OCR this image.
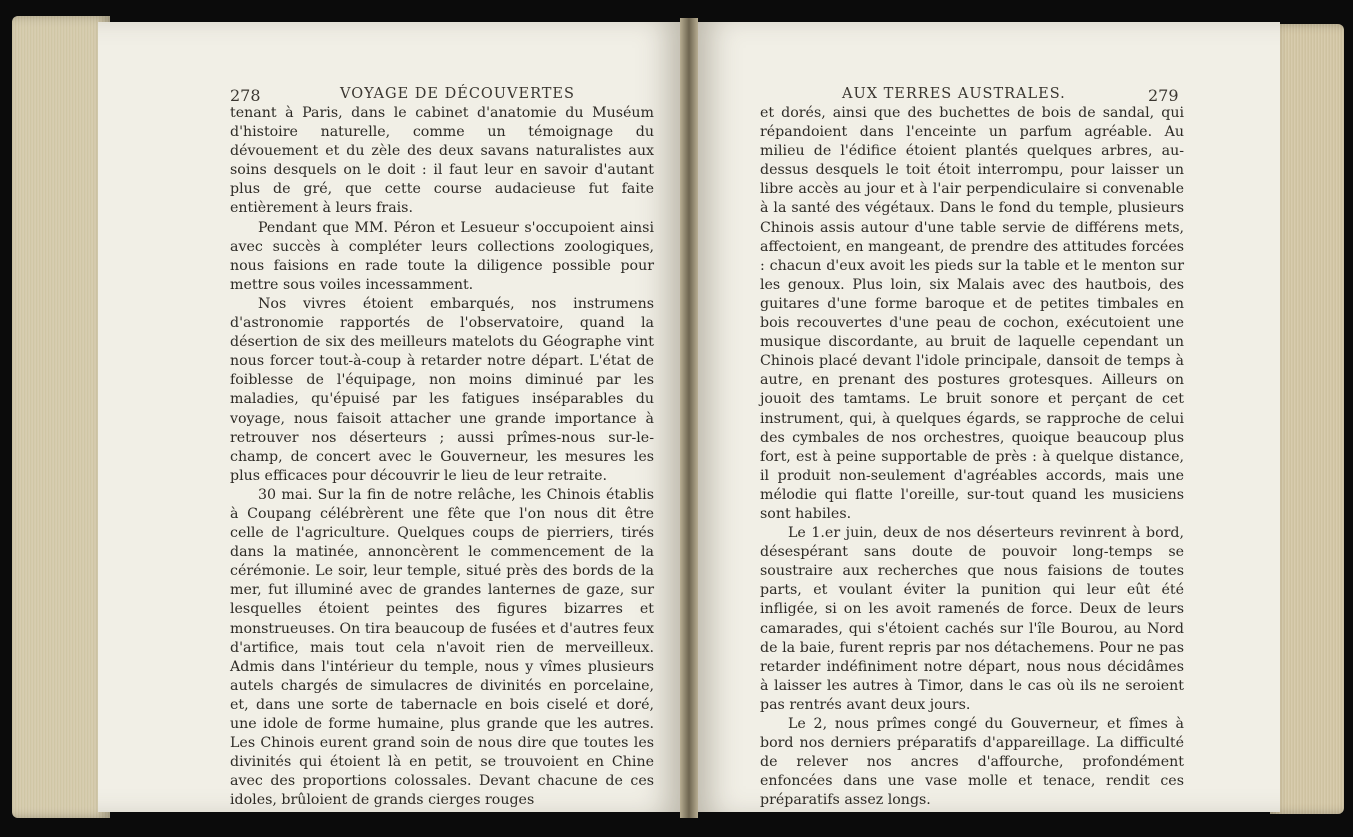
278	VOYAGE DE DÉCOUVERTES	AUX TERRES AUSTRALES.	279

tenant à Paris, dans le cabinet d'anatomie du Muséum d'histoire naturelle, comme un témoignage du dévouement et du zèle des deux savans naturalistes aux soins desquels on le doit : il faut leur en savoir d'autant plus de gré, que cette course audacieuse fut faite entièrement à leurs frais.

Pendant que MM. Péron et Lesueur s'occupoient ainsi avec succès à compléter leurs collections zoologiques, nous faisions en rade toute la diligence possible pour mettre sous voiles incessamment.

Nos vivres étoient embarqués, nos instrumens d'astronomie rapportés de l'observatoire, quand la désertion de six des meilleurs matelots du Géographe vint nous forcer tout-à-coup à retarder notre départ. L'état de foiblesse de l'équipage, non moins diminué par les maladies, qu'épuisé par les fatigues inséparables du voyage, nous faisoit attacher une grande importance à retrouver nos déserteurs ; aussi prîmes-nous sur-le-champ, de concert avec le Gouverneur, les mesures les plus efficaces pour découvrir le lieu de leur retraite.

30 mai. Sur la fin de notre relâche, les Chinois établis à Coupang célébrèrent une fête que l'on nous dit être celle de l'agriculture. Quelques coups de pierriers, tirés dans la matinée, annoncèrent le commencement de la cérémonie. Le soir, leur temple, situé près des bords de la mer, fut illuminé avec de grandes lanternes de gaze, sur lesquelles étoient peintes des figures bizarres et monstrueuses. On tira beaucoup de fusées et d'autres feux d'artifice, mais tout cela n'avoit rien de merveilleux. Admis dans l'intérieur du temple, nous y vîmes plusieurs autels chargés de simulacres de divinités en porcelaine, et, dans une sorte de tabernacle en bois ciselé et doré, une idole de forme humaine, plus grande que les autres. Les Chinois eurent grand soin de nous dire que toutes les divinités qui étoient là en petit, se trouvoient en Chine avec des proportions colossales. Devant chacune de ces idoles, brûloient de grands cierges rouges

et dorés, ainsi que des buchettes de bois de sandal, qui répandoient dans l'enceinte un parfum agréable. Au milieu de l'édifice étoient plantés quelques arbres, au-dessus desquels le toit étoit interrompu, pour laisser un libre accès au jour et à l'air perpendiculaire si convenable à la santé des végétaux. Dans le fond du temple, plusieurs Chinois assis autour d'une table servie de différens mets, affectoient, en mangeant, de prendre des attitudes forcées : chacun d'eux avoit les pieds sur la table et le menton sur les genoux. Plus loin, six Malais avec des hautbois, des guitares d'une forme baroque et de petites timbales en bois recouvertes d'une peau de cochon, exécutoient une musique discordante, au bruit de laquelle cependant un Chinois placé devant l'idole principale, dansoit de temps à autre, en prenant des postures grotesques. Ailleurs on jouoit des tamtams. Le bruit sonore et perçant de cet instrument, qui, à quelques égards, se rapproche de celui des cymbales de nos orchestres, quoique beaucoup plus fort, est à peine supportable de près : à quelque distance, il produit non-seulement d'agréables accords, mais une mélodie qui flatte l'oreille, sur-tout quand les musiciens sont habiles.

Le 1.er juin, deux de nos déserteurs revinrent à bord, désespérant sans doute de pouvoir long-temps se soustraire aux recherches que nous faisions de toutes parts, et voulant éviter la punition qui leur eût été infligée, si on les avoit ramenés de force. Deux de leurs camarades, qui s'étoient cachés sur l'île Bourou, au Nord de la baie, furent repris par nos détachemens. Pour ne pas retarder indéfiniment notre départ, nous nous décidâmes à laisser les autres à Timor, dans le cas où ils ne seroient pas rentrés avant deux jours.

Le 2, nous prîmes congé du Gouverneur, et fîmes à bord nos derniers préparatifs d'appareillage. La difficulté de relever nos ancres d'affourche, profondément enfoncées dans une vase molle et tenace, rendit ces préparatifs assez longs.
